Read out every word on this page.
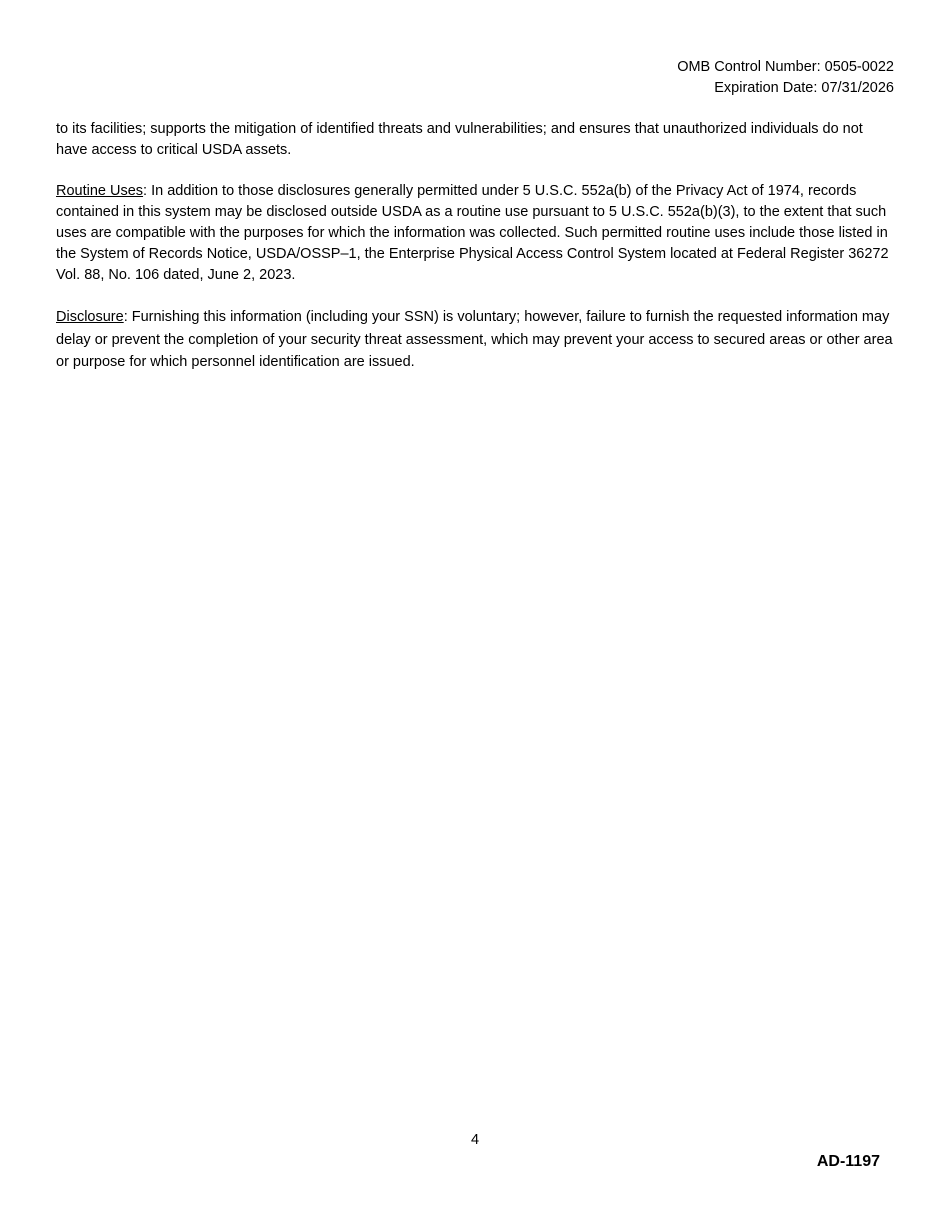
OMB Control Number: 0505-0022
Expiration Date: 07/31/2026

to its facilities; supports the mitigation of identified threats and vulnerabilities; and ensures that unauthorized individuals do not have access to critical USDA assets.

Routine Uses: In addition to those disclosures generally permitted under 5 U.S.C. 552a(b) of the Privacy Act of 1974, records contained in this system may be disclosed outside USDA as a routine use pursuant to 5 U.S.C. 552a(b)(3), to the extent that such uses are compatible with the purposes for which the information was collected. Such permitted routine uses include those listed in the System of Records Notice, USDA/OSSP–1, the Enterprise Physical Access Control System located at Federal Register 36272 Vol. 88, No. 106 dated, June 2, 2023.

Disclosure: Furnishing this information (including your SSN) is voluntary; however, failure to furnish the requested information may delay or prevent the completion of your security threat assessment, which may prevent your access to secured areas or other area or purpose for which personnel identification are issued.

4
AD-1197
